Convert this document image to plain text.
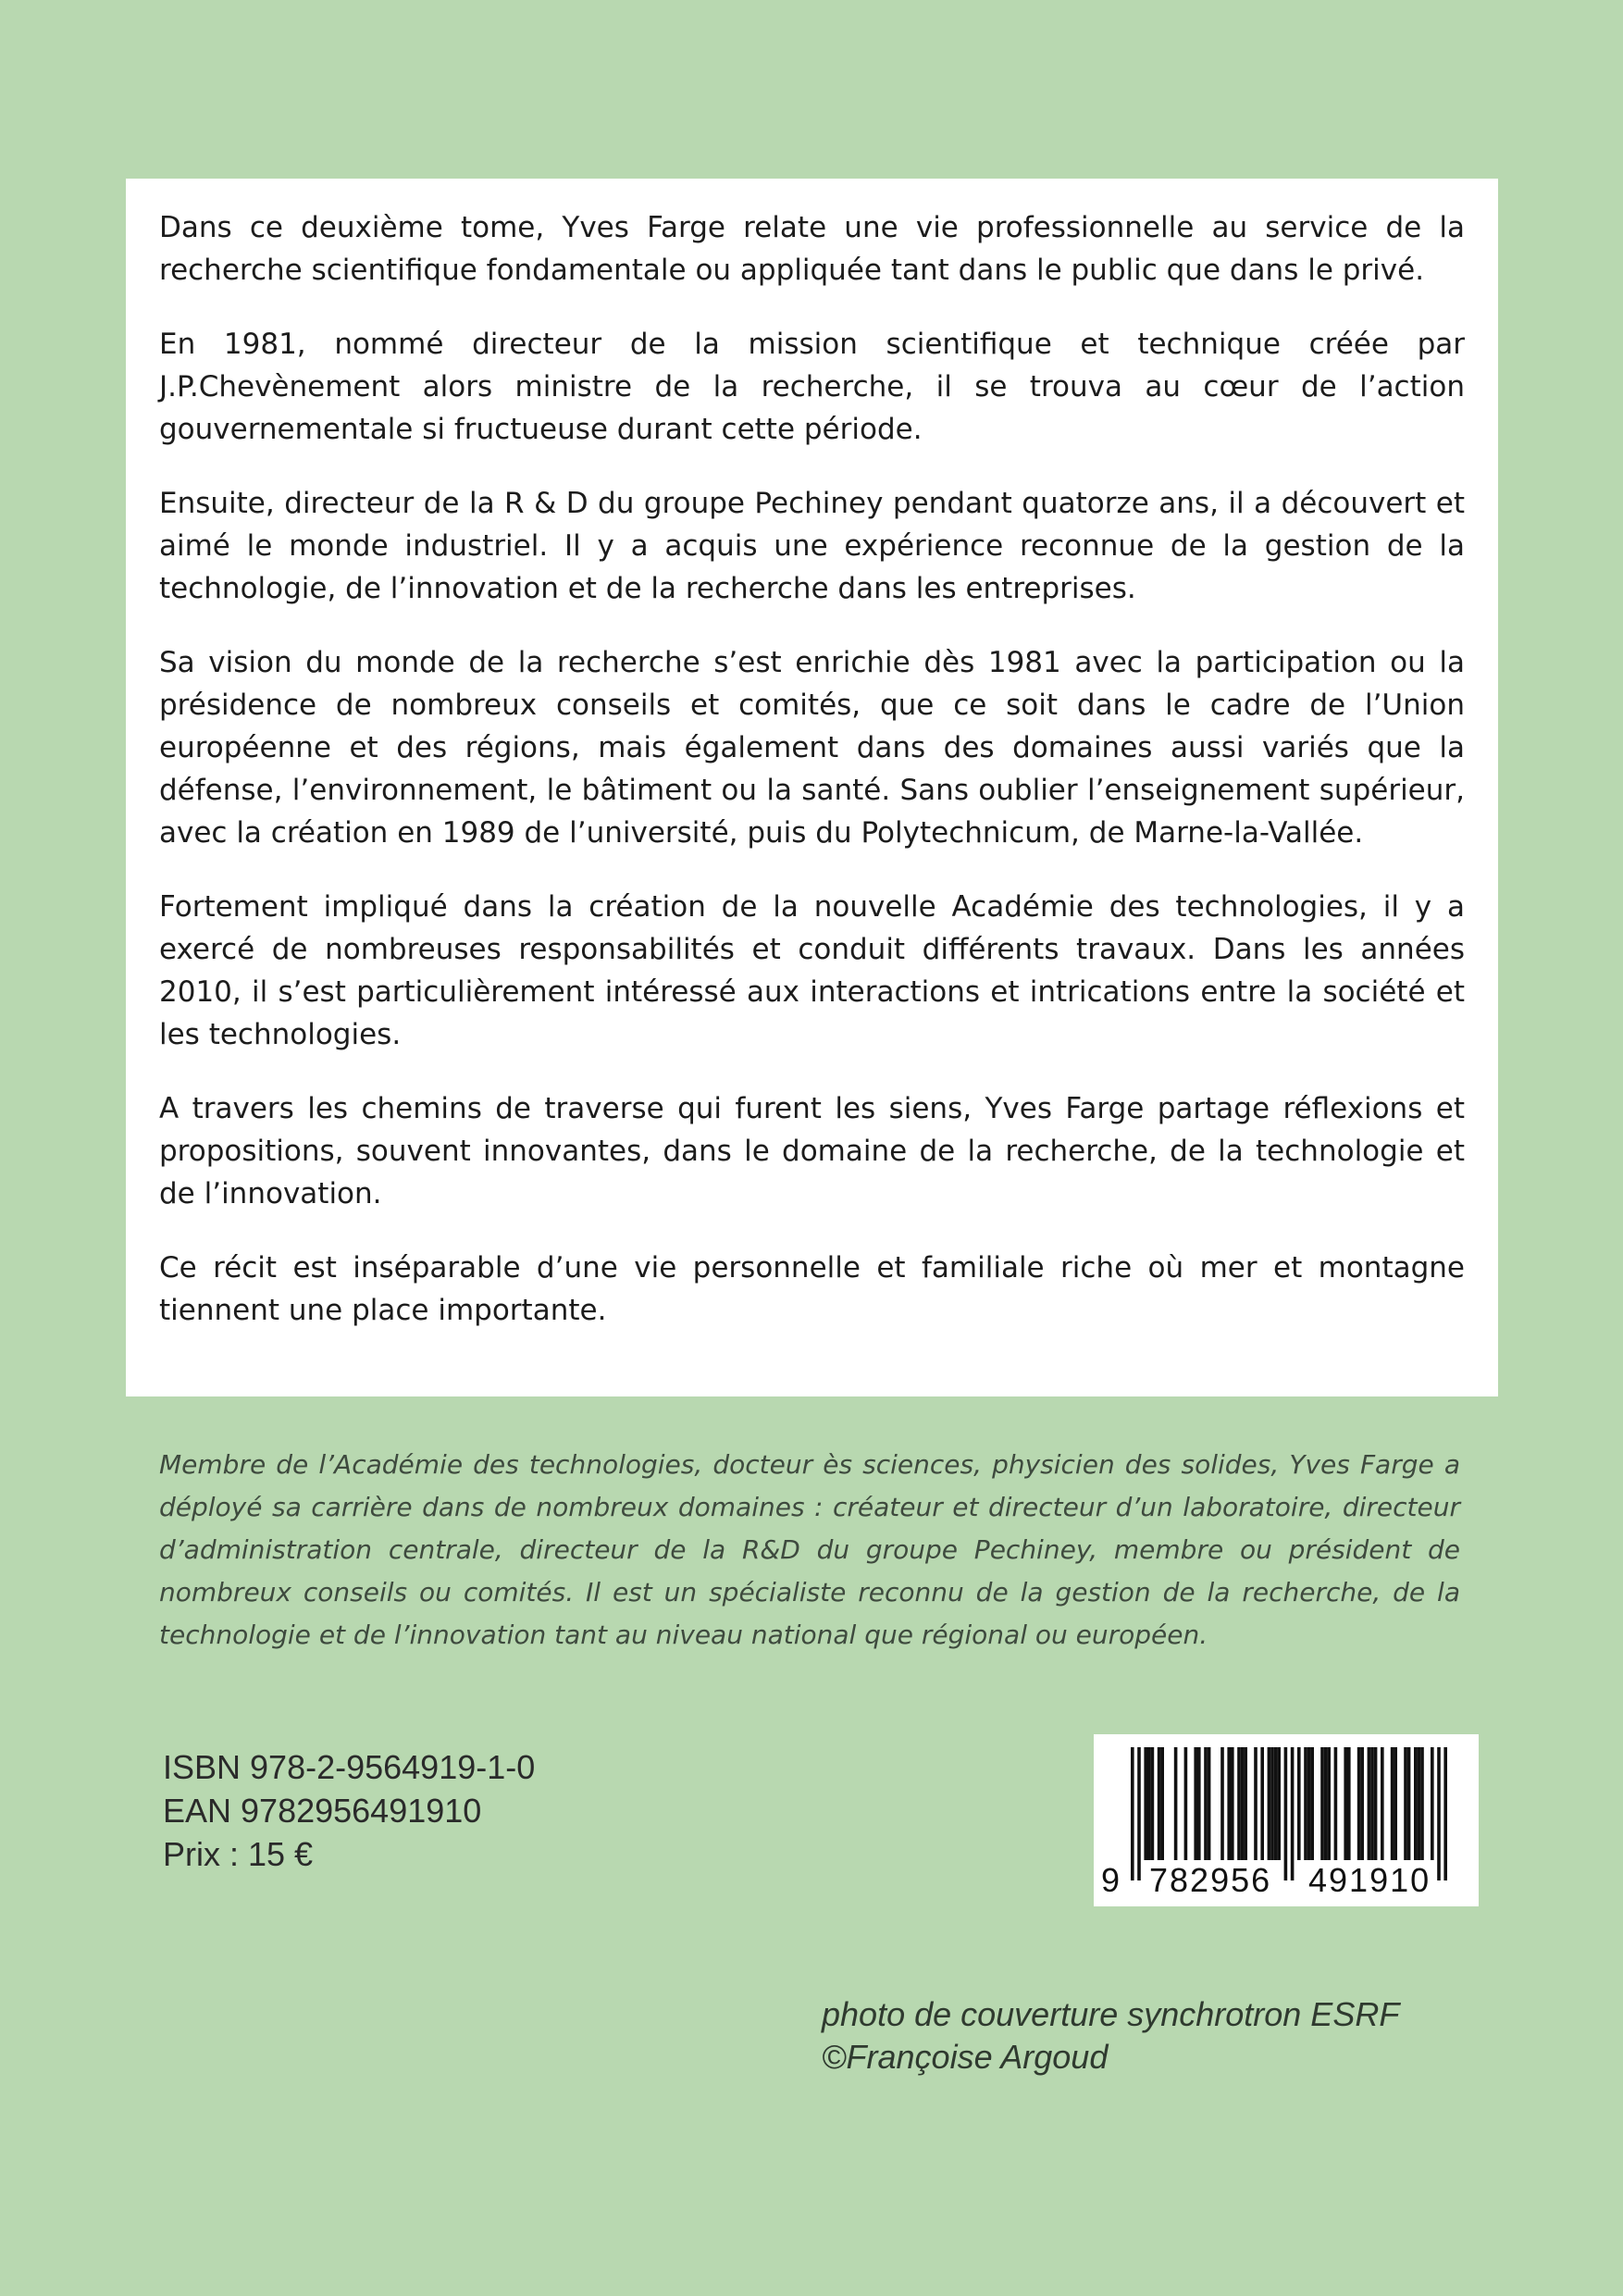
Dans ce deuxième tome, Yves Farge relate une vie professionnelle au service de la recherche scientifique fondamentale ou appliquée tant dans le public que dans le privé.

En 1981, nommé directeur de la mission scientifique et technique créée par J.P.Chevènement alors ministre de la recherche, il se trouva au cœur de l’action gouvernementale si fructueuse durant cette période.

Ensuite, directeur de la R & D du groupe Pechiney pendant quatorze ans, il a découvert et aimé le monde industriel. Il y a acquis une expérience reconnue de la gestion de la technologie, de l’innovation et de la recherche dans les entreprises.

Sa vision du monde de la recherche s’est enrichie dès 1981 avec la participation ou la présidence de nombreux conseils et comités, que ce soit dans le cadre de l’Union européenne et des régions, mais également dans des domaines aussi variés que la défense, l’environnement, le bâtiment ou la santé. Sans oublier l’enseignement supérieur, avec la création en 1989 de l’université, puis du Polytechnicum, de Marne-la-Vallée.

Fortement impliqué dans la création de la nouvelle Académie des technologies, il y a exercé de nombreuses responsabilités et conduit différents travaux. Dans les années 2010, il s’est particulièrement intéressé aux interactions et intrications entre la société et les technologies.

A travers les chemins de traverse qui furent les siens, Yves Farge partage réflexions et propositions, souvent innovantes, dans le domaine de la recherche, de la technologie et de l’innovation.

Ce récit est inséparable d’une vie personnelle et familiale riche où mer et montagne tiennent une place importante.

Membre de l’Académie des technologies, docteur ès sciences, physicien des solides, Yves Farge a déployé sa carrière dans de nombreux domaines : créateur et directeur d’un laboratoire, directeur d’administration centrale, directeur de la R&D du groupe Pechiney, membre ou président de nombreux conseils ou comités. Il est un spécialiste reconnu de la gestion de la recherche, de la technologie et de l’innovation tant au niveau national que régional ou européen.

ISBN 978-2-9564919-1-0
EAN 9782956491910
Prix : 15 €
9 782956 491910
photo de couverture synchrotron ESRF
©Françoise Argoud
